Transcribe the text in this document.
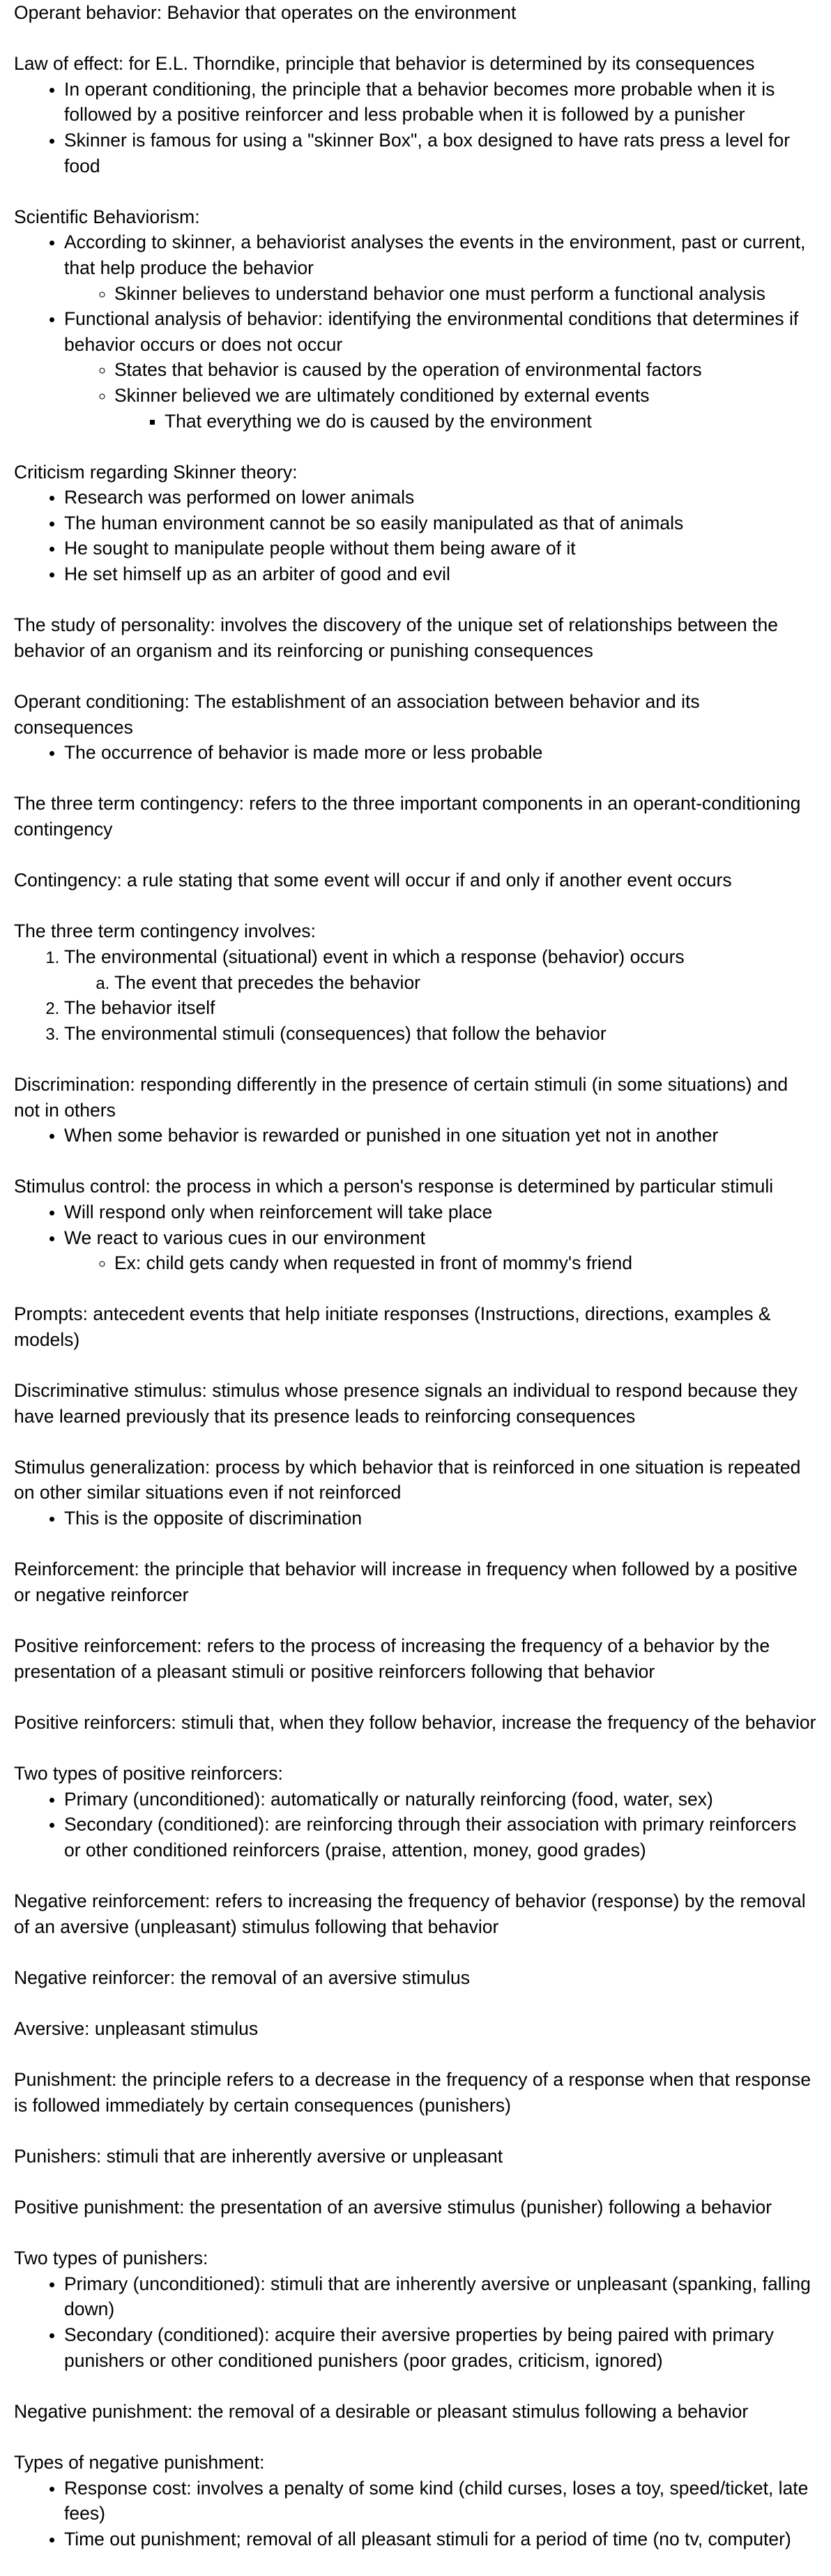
Operant behavior: Behavior that operates on the environment

Law of effect: for E.L. Thorndike, principle that behavior is determined by its consequences

• In operant conditioning, the principle that a behavior becomes more probable when it is followed by a positive reinforcer and less probable when it is followed by a punisher
• Skinner is famous for using a "skinner Box", a box designed to have rats press a level for food

Scientific Behaviorism:

• According to skinner, a behaviorist analyses the events in the environment, past or current, that help produce the behavior
◦ Skinner believes to understand behavior one must perform a functional analysis
• Functional analysis of behavior: identifying the environmental conditions that determines if behavior occurs or does not occur
◦ States that behavior is caused by the operation of environmental factors
◦ Skinner believed we are ultimately conditioned by external events
▪ That everything we do is caused by the environment

Criticism regarding Skinner theory:

• Research was performed on lower animals
• The human environment cannot be so easily manipulated as that of animals
• He sought to manipulate people without them being aware of it
• He set himself up as an arbiter of good and evil

The study of personality: involves the discovery of the unique set of relationships between the behavior of an organism and its reinforcing or punishing consequences

Operant conditioning: The establishment of an association between behavior and its consequences

• The occurrence of behavior is made more or less probable

The three term contingency: refers to the three important components in an operant-conditioning contingency

Contingency: a rule stating that some event will occur if and only if another event occurs

The three term contingency involves:

1. The environmental (situational) event in which a response (behavior) occurs
a. The event that precedes the behavior
2. The behavior itself
3. The environmental stimuli (consequences) that follow the behavior

Discrimination: responding differently in the presence of certain stimuli (in some situations) and not in others

• When some behavior is rewarded or punished in one situation yet not in another

Stimulus control: the process in which a person's response is determined by particular stimuli

• Will respond only when reinforcement will take place
• We react to various cues in our environment
◦ Ex: child gets candy when requested in front of mommy's friend

Prompts: antecedent events that help initiate responses (Instructions, directions, examples & models)

Discriminative stimulus: stimulus whose presence signals an individual to respond because they have learned previously that its presence leads to reinforcing consequences

Stimulus generalization: process by which behavior that is reinforced in one situation is repeated on other similar situations even if not reinforced

• This is the opposite of discrimination

Reinforcement: the principle that behavior will increase in frequency when followed by a positive or negative reinforcer

Positive reinforcement: refers to the process of increasing the frequency of a behavior by the presentation of a pleasant stimuli or positive reinforcers following that behavior

Positive reinforcers: stimuli that, when they follow behavior, increase the frequency of the behavior

Two types of positive reinforcers:

• Primary (unconditioned): automatically or naturally reinforcing (food, water, sex)
• Secondary (conditioned): are reinforcing through their association with primary reinforcers or other conditioned reinforcers (praise, attention, money, good grades)

Negative reinforcement: refers to increasing the frequency of behavior (response) by the removal of an aversive (unpleasant) stimulus following that behavior

Negative reinforcer: the removal of an aversive stimulus

Aversive: unpleasant stimulus

Punishment: the principle refers to a decrease in the frequency of a response when that response is followed immediately by certain consequences (punishers)

Punishers: stimuli that are inherently aversive or unpleasant

Positive punishment: the presentation of an aversive stimulus (punisher) following a behavior

Two types of punishers:

• Primary (unconditioned): stimuli that are inherently aversive or unpleasant (spanking, falling down)
• Secondary (conditioned): acquire their aversive properties by being paired with primary punishers or other conditioned punishers (poor grades, criticism, ignored)

Negative punishment: the removal of a desirable or pleasant stimulus following a behavior

Types of negative punishment:

• Response cost: involves a penalty of some kind (child curses, loses a toy, speed/ticket, late fees)
• Time out punishment; removal of all pleasant stimuli for a period of time (no tv, computer)
